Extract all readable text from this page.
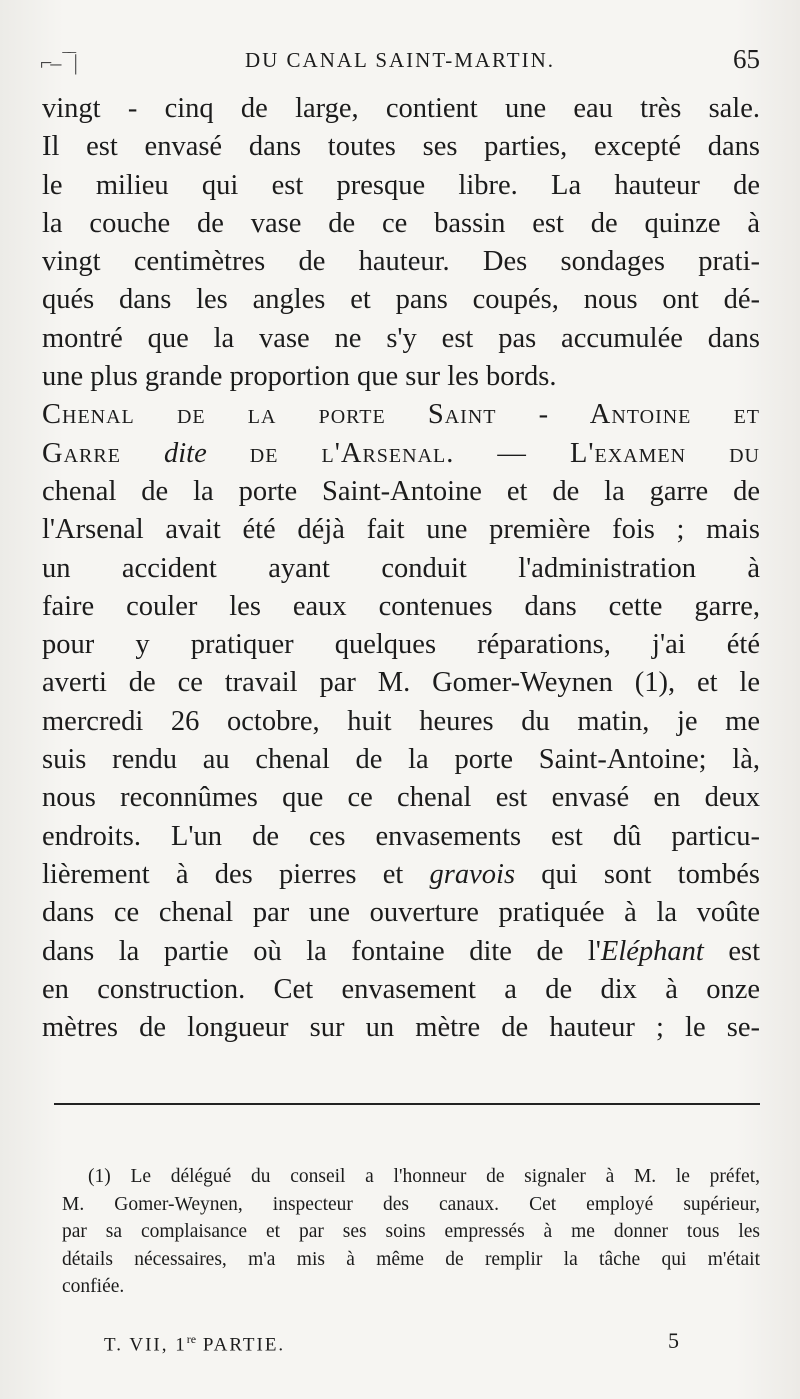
⌐‒ ‾‾|	DU CANAL SAINT-MARTIN.	65
vingt - cinq de large, contient une eau très sale.
Il est envasé dans toutes ses parties, excepté dans
le milieu qui est presque libre. La hauteur de
la couche de vase de ce bassin est de quinze à
vingt centimètres de hauteur. Des sondages prati-
qués dans les angles et pans coupés, nous ont dé-
montré que la vase ne s'y est pas accumulée dans
une plus grande proportion que sur les bords.
Chenal de la porte Saint - Antoine et
Garre dite de l'Arsenal. — L'examen du
chenal de la porte Saint-Antoine et de la garre de
l'Arsenal avait été déjà fait une première fois ; mais
un accident ayant conduit l'administration à
faire couler les eaux contenues dans cette garre,
pour y pratiquer quelques réparations, j'ai été
averti de ce travail par M. Gomer-Weynen (1), et le
mercredi 26 octobre, huit heures du matin, je me
suis rendu au chenal de la porte Saint-Antoine; là,
nous reconnûmes que ce chenal est envasé en deux
endroits. L'un de ces envasements est dû particu-
lièrement à des pierres et gravois qui sont tombés
dans ce chenal par une ouverture pratiquée à la voûte
dans la partie où la fontaine dite de l'Eléphant est
en construction. Cet envasement a de dix à onze
mètres de longueur sur un mètre de hauteur ; le se-
(1) Le délégué du conseil a l'honneur de signaler à M. le préfet,
M. Gomer-Weynen, inspecteur des canaux. Cet employé supérieur,
par sa complaisance et par ses soins empressés à me donner tous les
détails nécessaires, m'a mis à même de remplir la tâche qui m'était
confiée.
T. VII, 1re PARTIE.	5
